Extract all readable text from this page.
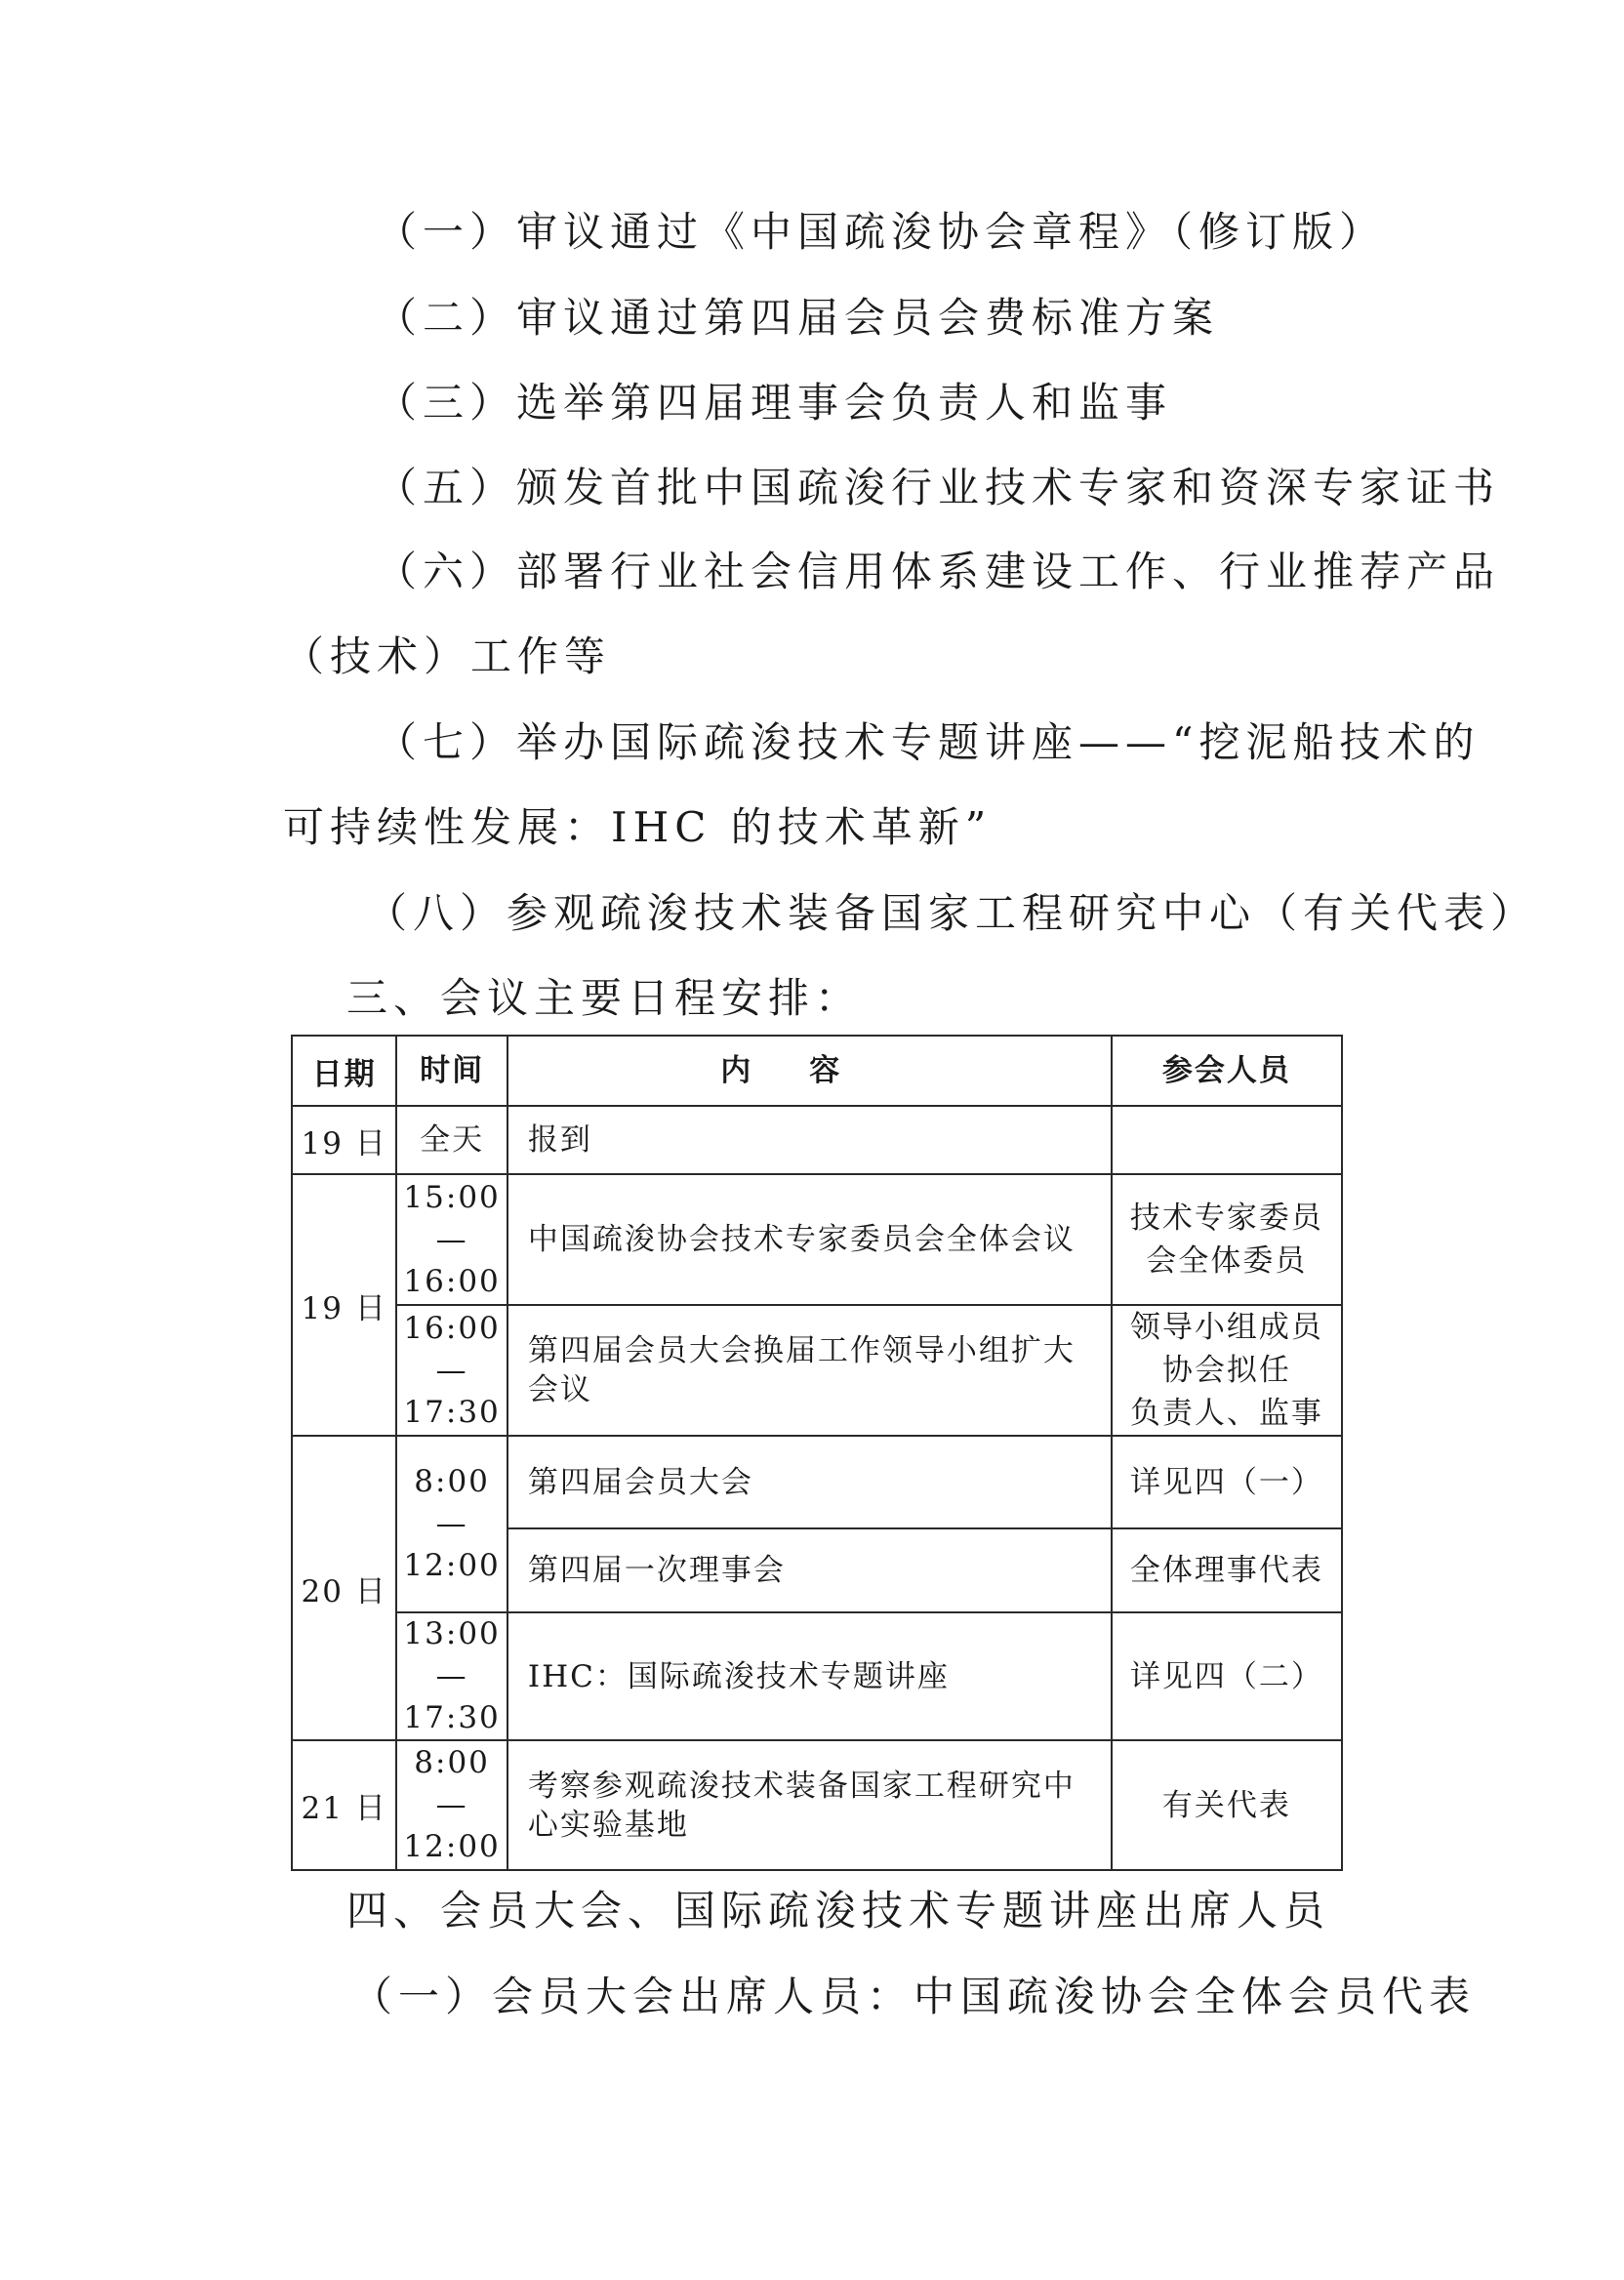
（一）审议通过《中国疏浚协会章程》（修订版）
（二）审议通过第四届会员会费标准方案
（三）选举第四届理事会负责人和监事
（五）颁发首批中国疏浚行业技术专家和资深专家证书
（六）部署行业社会信用体系建设工作、行业推荐产品
（技术）工作等
（七）举办国际疏浚技术专题讲座——“挖泥船技术的
可持续性发展：IHC 的技术革新”
（八）参观疏浚技术装备国家工程研究中心（有关代表）
三、会议主要日程安排：
日期	时间	内容	参会人员
19 日	全天	报到	
19 日	15:00
—
16:00	中国疏浚协会技术专家委员会全体会议	技术专家委员
会全体委员

	16:00
—
17:30	第四届会员大会换届工作领导小组扩大
会议	领导小组成员
协会拟任
负责人、监事

20 日	8:00
—
12:00	第四届会员大会	详见四（一）
		第四届一次理事会	全体理事代表

	13:00
—
17:30	IHC：国际疏浚技术专题讲座	详见四（二）
21 日	8:00
—
12:00	考察参观疏浚技术装备国家工程研究中
心实验基地	有关代表
四、会员大会、国际疏浚技术专题讲座出席人员
（一）会员大会出席人员：中国疏浚协会全体会员代表
